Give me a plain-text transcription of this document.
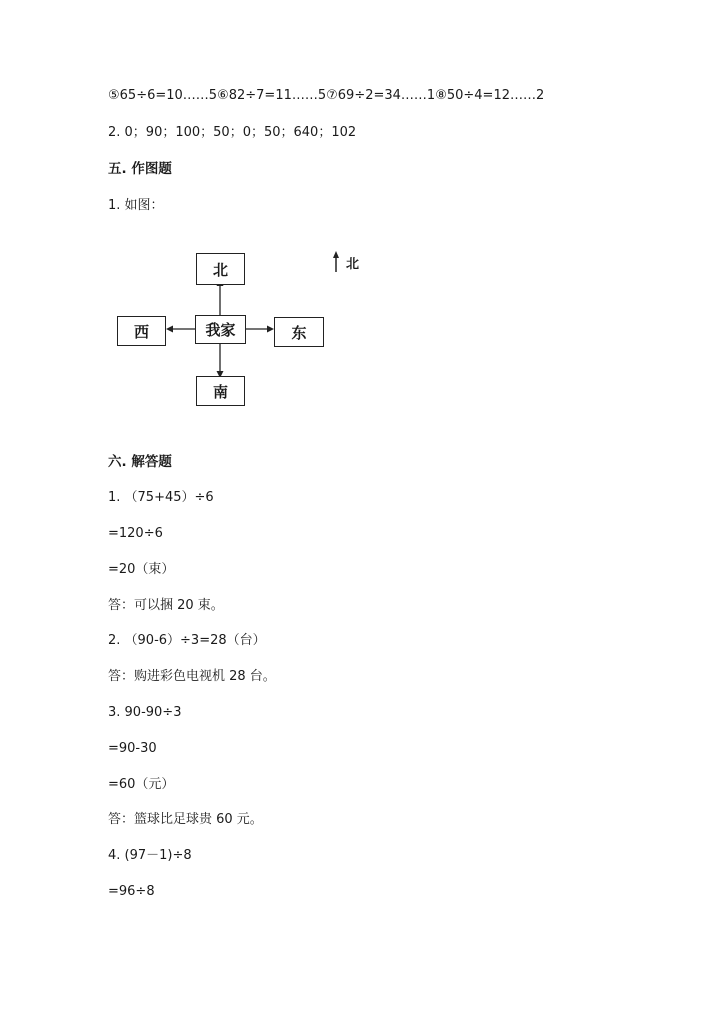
⑤65÷6=10……5⑥82÷7=11……5⑦69÷2=34……1⑧50÷4=12……2
2. 0；90；100；50；0；50；640；102
五. 作图题
1. 如图：
北
我家
西	东
南
北
六. 解答题
1. （75+45）÷6
=120÷6
=20（束）
答：可以捆 20 束。
2. （90-6）÷3=28（台）
答：购进彩色电视机 28 台。
3. 90-90÷3
=90-30
=60（元）
答：篮球比足球贵 60 元。
4. (97－1)÷8
=96÷8
